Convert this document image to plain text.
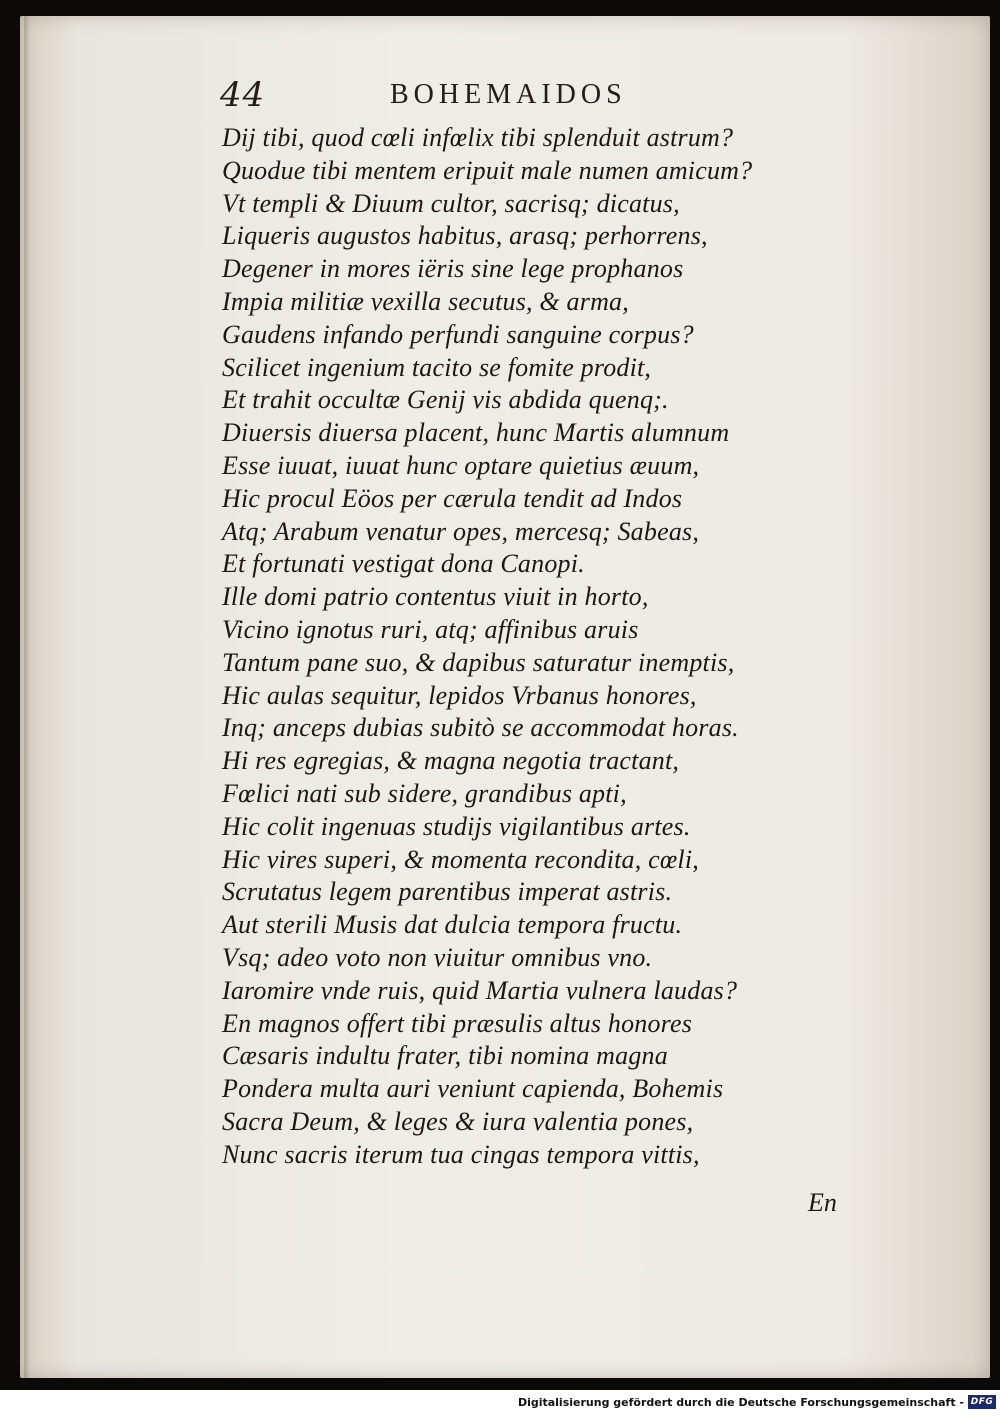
44	BOHEMAIDOS
Dij tibi, quod cœli infœlix tibi splenduit astrum?
Quodue tibi mentem eripuit male numen amicum?
Vt templi & Diuum cultor, sacrisq; dicatus,
Liqueris augustos habitus, arasq; perhorrens,
Degener in mores iëris sine lege prophanos
Impia militiæ vexilla secutus, & arma,
Gaudens infando perfundi sanguine corpus?
Scilicet ingenium tacito se fomite prodit,
Et trahit occultæ Genij vis abdida quenq;.
Diuersis diuersa placent, hunc Martis alumnum
Esse iuuat, iuuat hunc optare quietius æuum,
Hic procul Eöos per cærula tendit ad Indos
Atq; Arabum venatur opes, mercesq; Sabeas,
Et fortunati vestigat dona Canopi.
Ille domi patrio contentus viuit in horto,
Vicino ignotus ruri, atq; affinibus aruis
Tantum pane suo, & dapibus saturatur inemptis,
Hic aulas sequitur, lepidos Vrbanus honores,
Inq; anceps dubias subitò se accommodat horas.
Hi res egregias, & magna negotia tractant,
Fœlici nati sub sidere, grandibus apti,
Hic colit ingenuas studijs vigilantibus artes.
Hic vires superi, & momenta recondita, cœli,
Scrutatus legem parentibus imperat astris.
Aut sterili Musis dat dulcia tempora fructu.
Vsq; adeo voto non viuitur omnibus vno.
Iaromire vnde ruis, quid Martia vulnera laudas?
En magnos offert tibi præsulis altus honores
Cæsaris indultu frater, tibi nomina magna
Pondera multa auri veniunt capienda, Bohemis
Sacra Deum, & leges & iura valentia pones,
Nunc sacris iterum tua cingas tempora vittis,
En
Digitalisierung gefördert durch die Deutsche Forschungsgemeinschaft - DFG
